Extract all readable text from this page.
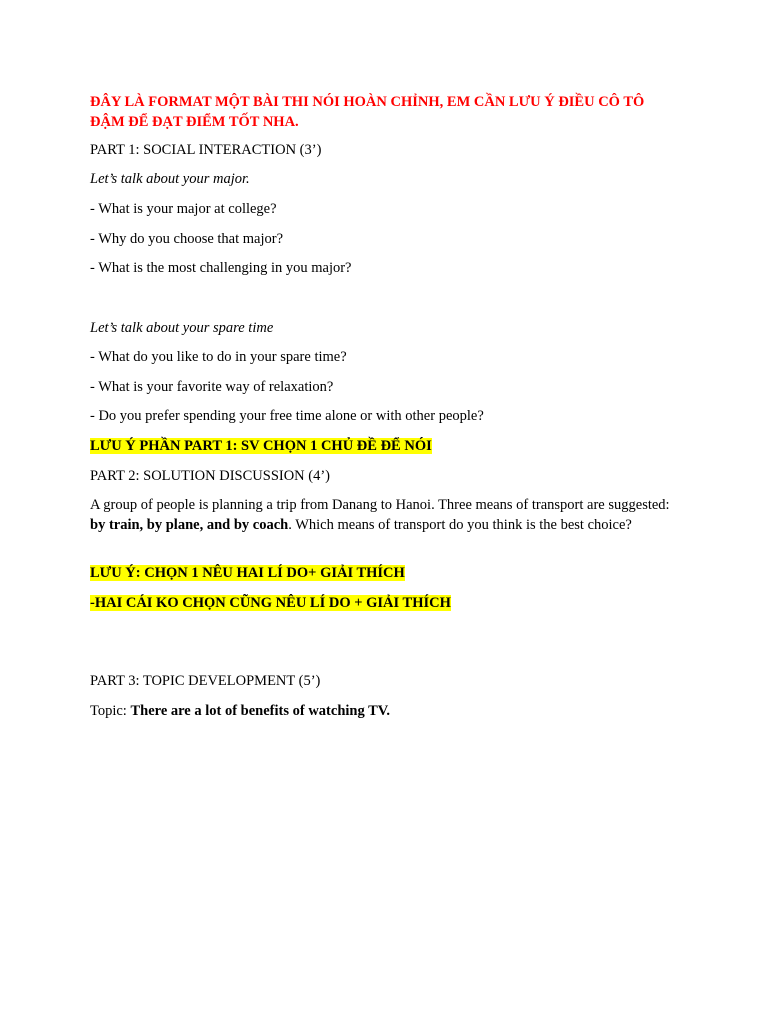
ĐÂY LÀ FORMAT MỘT BÀI THI NÓI HOÀN CHỈNH, EM CẦN LƯU Ý ĐIỀU CÔ TÔ
ĐẬM ĐỂ ĐẠT ĐIỂM TỐT NHA.

PART 1: SOCIAL INTERACTION (3’)

Let’s talk about your major.

- What is your major at college?

- Why do you choose that major?

- What is the most challenging in you major?

Let’s talk about your spare time

- What do you like to do in your spare time?

- What is your favorite way of relaxation?

- Do you prefer spending your free time alone or with other people?

LƯU Ý PHẦN PART 1: SV CHỌN 1 CHỦ ĐỀ ĐỂ NÓI

PART 2: SOLUTION DISCUSSION (4’)

A group of people is planning a trip from Danang to Hanoi. Three means of transport are suggested: by train, by plane, and by coach. Which means of transport do you think is the best choice?

LƯU Ý: CHỌN 1 NÊU HAI LÍ DO+ GIẢI THÍCH

-HAI CÁI KO CHỌN CŨNG NÊU LÍ DO + GIẢI THÍCH

PART 3: TOPIC DEVELOPMENT (5’)

Topic: There are a lot of benefits of watching TV.
